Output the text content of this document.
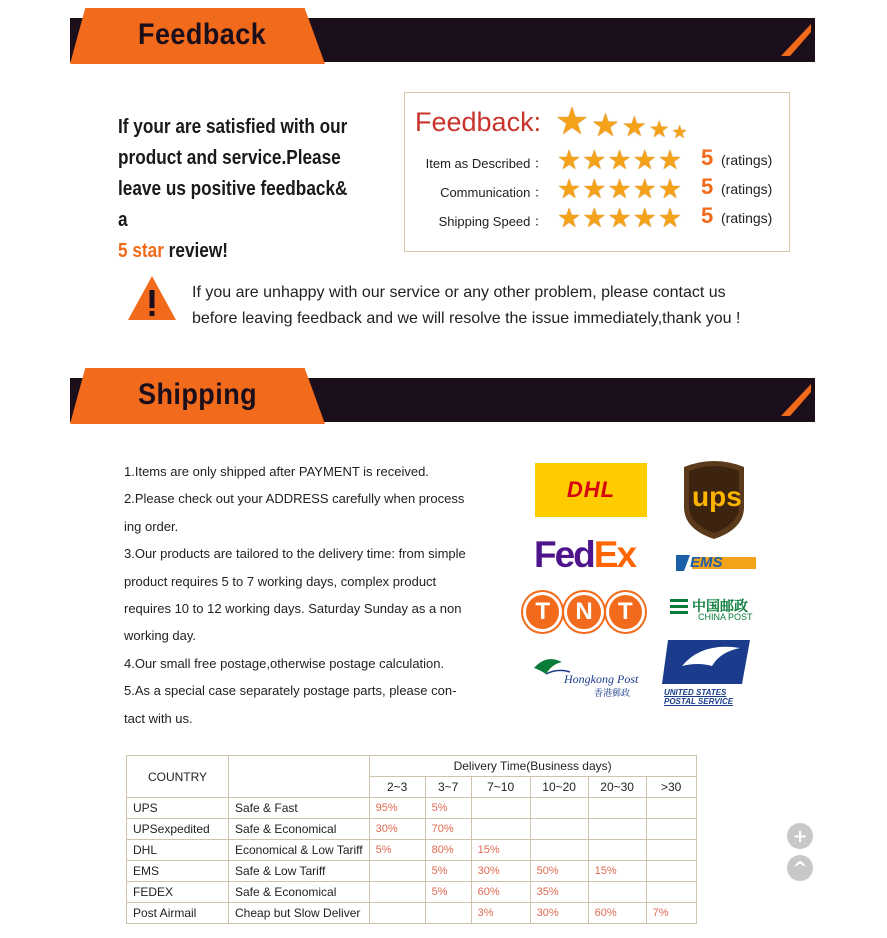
Feedback
If your are satisfied with our
product and service.Please
leave us positive feedback& a
5 star review!
Feedback: ★ ★ ★ ★ ★
Item as Described ： ★ ★ ★ ★ ★ 5 (ratings)
Communication ： ★ ★ ★ ★ ★ 5 (ratings)
Shipping Speed ： ★ ★ ★ ★ ★ 5 (ratings)
If you are unhappy with our service or any other problem, please contact us
before leaving feedback and we will resolve the issue immediately,thank you !
Shipping
1.Items are only shipped after PAYMENT is received.
2.Please check out your ADDRESS carefully when process
ing order.
3.Our products are tailored to the delivery time: from simple
product requires 5 to 7 working days, complex product
requires 10 to 12 working days. Saturday Sunday as a non
working day.
4.Our small free postage,otherwise postage calculation.
5.As a special case separately postage parts, please con-
tact with us.
DHL	ups
FedEx	EMS
T	N	T	中国邮政
CHINA POST
Hongkong Post
香港郵政	UNITED STATES
POSTAL SERVICE
COUNTRY		Delivery Time(Business days)					
		2~3	3~7	7~10	10~20	20~30	>30
UPS	Safe & Fast	95%	5%				
UPSexpedited	Safe & Economical	30%	70%				
DHL	Economical & Low Tariff	5%	80%	15%			
EMS	Safe & Low Tariff		5%	30%	50%	15%	
FEDEX	Safe & Economical		5%	60%	35%		
Post Airmail	Cheap but Slow Deliver			3%	30%	60%	7%
+
^
